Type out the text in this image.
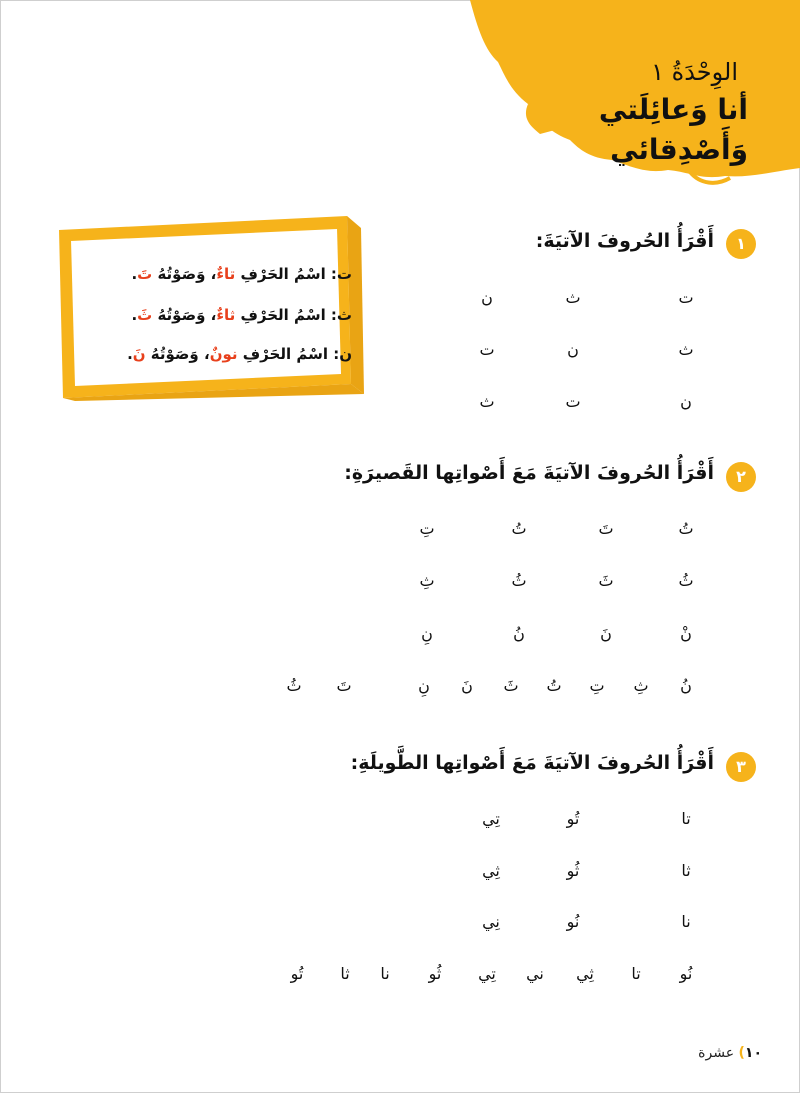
الوِحْدَةُ ١
أنا وَعائِلَتي
وَأَصْدِقائي
ت: اسْمُ الحَرْفِ تاءٌ، وَصَوْتُهُ تَ.
ث: اسْمُ الحَرْفِ ثاءٌ، وَصَوْتُهُ ثَ.
ن: اسْمُ الحَرْفِ نونٌ، وَصَوْتُهُ نَ.
١
أَقْرَأُ الحُروفَ الآتيَةَ:
ت
ث
ن
ث
ن
ت
ن
ت
ث
٢
أَقْرَأُ الحُروفَ الآتيَةَ مَعَ أَصْواتِها القَصيرَةِ:
تُ
تَ
تُ
تِ
ثُ
ثَ
ثُ
ثِ
نْ
نَ
نُ
نِ
نُ
ثِ
تِ
تُ
ثَ
نَ
نِ
تَ
ثُ
٣
أَقْرَأُ الحُروفَ الآتيَةَ مَعَ أَصْواتِها الطَّويلَةِ:
تا
تُو
تِي
ثا
ثُو
ثِي
نا
نُو
نِي
نُو
تا
ثِي
ني
تِي
ثُو
نا
ثا
تُو
١٠) عشرة
